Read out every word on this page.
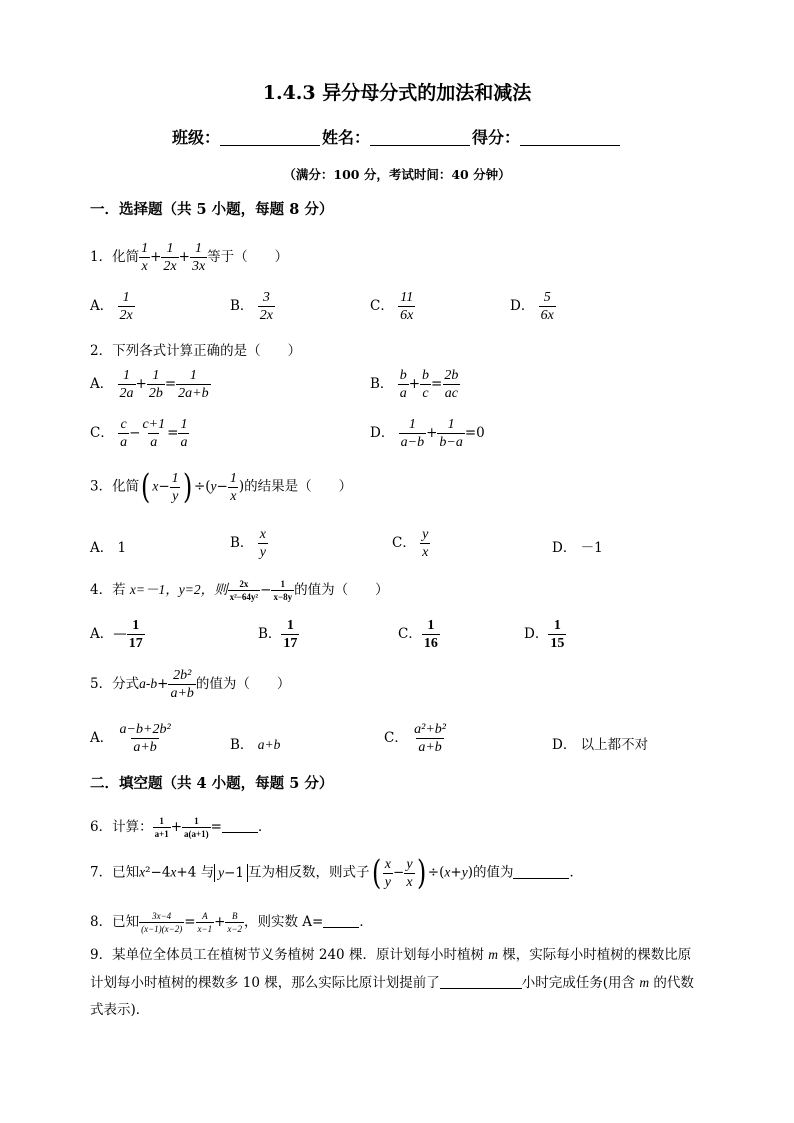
1.4.3 异分母分式的加法和减法
班级：	姓名：	得分：
（满分：100 分，考试时间：40 分钟）
一．选择题（共 5 小题，每题 8 分）
1．化简 $\frac{1}{x} + \frac{1}{2x} + \frac{1}{3x}$ 等于（　　）
A． $\frac{1}{2x}$	B． $\frac{3}{2x}$	C． $\frac{11}{6x}$	D． $\frac{5}{6x}$
2．下列各式计算正确的是（　　）
A． $\frac{1}{2a} + \frac{1}{2b} = \frac{1}{2a+b}$	B． $\frac{b}{a} + \frac{b}{c} = \frac{2b}{ac}$
C． $\frac{c}{a} - \frac{c+1}{a} = \frac{1}{a}$	D． $\frac{1}{a-b} + \frac{1}{b-a} =0$
3．化简( $x- \frac{1}{y}$ ) $\div(y- \frac{1}{x}$ )的结果是（　　）
A． 1	B． $\frac{x}{y}$	C． $\frac{y}{x}$	D． －1
4．若 x=－1，y=2，则 $\frac{2x}{\text{x²−64y²}} - \frac{1}{x-8y}$ 的值为（　　）
A．— $\frac{1}{17}$	B． $\frac{1}{17}$	C． $\frac{1}{16}$	D． $\frac{1}{15}$
5．分式$a-b+ \frac{\text{2b²}}{a+b}$ 的值为（　　）
A． $\frac{\text{a−b+2b²}}{a+b}$	B． a+b	C． $\frac{\text{a²+b²}}{a+b}$	D． 以上都不对
二．填空题（共 4 小题，每题 5 分）
6．计算： $\frac{1}{a+1} + \frac{1}{a(a+1)}$ =	．
7．已知x²−4x+4 与 y−1 互为相反数，则式子( $\frac{x}{y} - \frac{y}{x}$ ) ÷(x+y)的值为	．
8．已知 $\frac{3x-4}{(x-1)(x-2)} = \frac{A}{x-1} + \frac{B}{x-2}$ ，则实数 A=	．
9．某单位全体员工在植树节义务植树 240 棵．原计划每小时植树 m 棵，实际每小时植树的棵数比原
计划每小时植树的棵数多 10 棵，那么实际比原计划提前了	小时完成任务(用含 m 的代数
式表示)．
